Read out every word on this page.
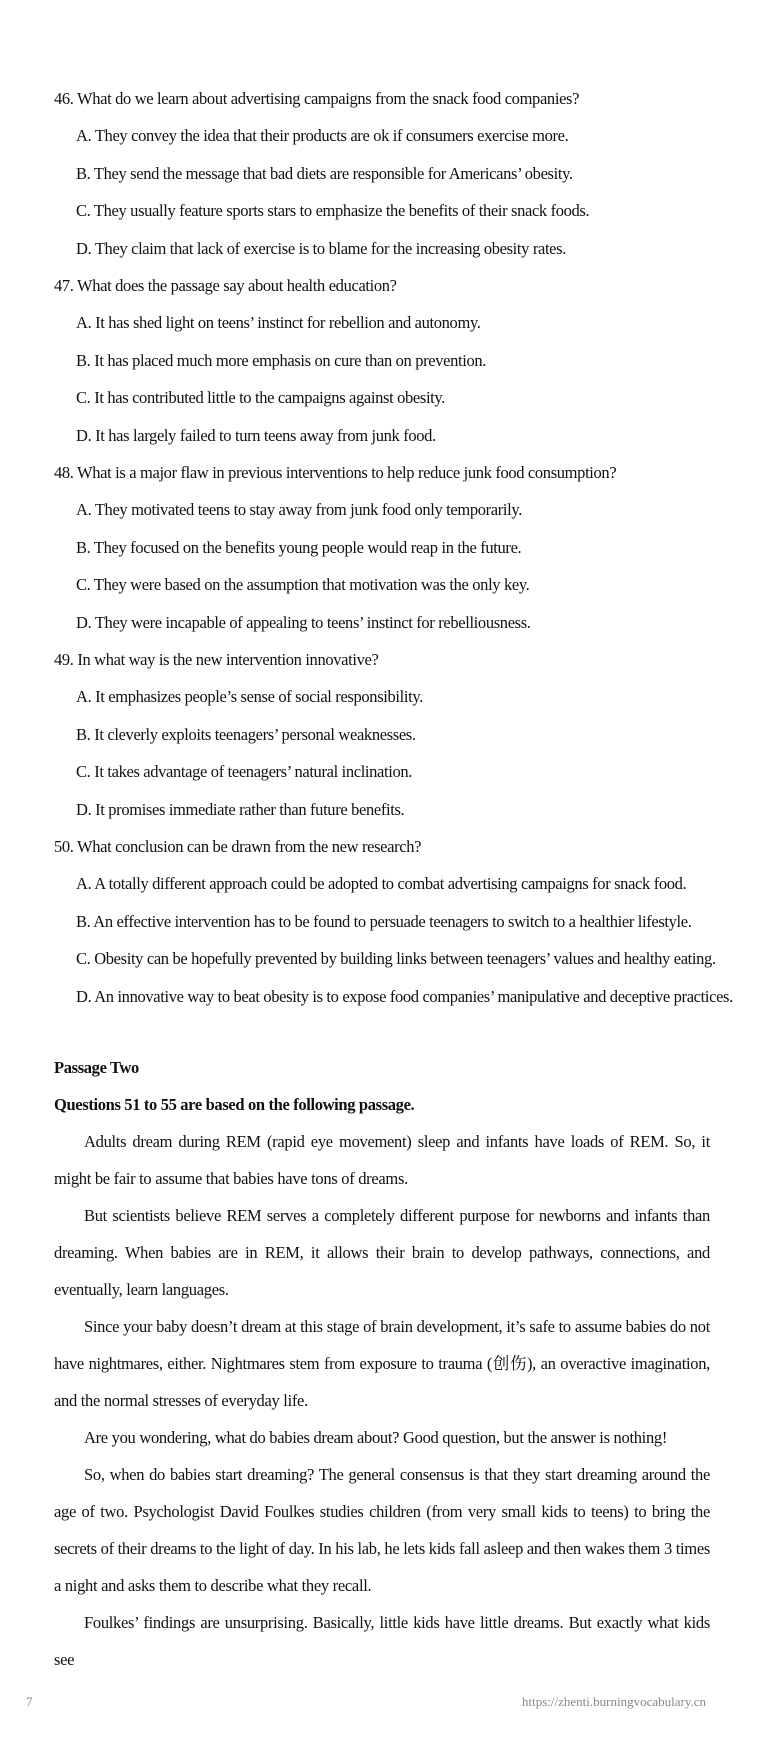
46. What do we learn about advertising campaigns from the snack food companies?
A. They convey the idea that their products are ok if consumers exercise more.
B. They send the message that bad diets are responsible for Americans’ obesity.
C. They usually feature sports stars to emphasize the benefits of their snack foods.
D. They claim that lack of exercise is to blame for the increasing obesity rates.
47. What does the passage say about health education?
A. It has shed light on teens’ instinct for rebellion and autonomy.
B. It has placed much more emphasis on cure than on prevention.
C. It has contributed little to the campaigns against obesity.
D. It has largely failed to turn teens away from junk food.
48. What is a major flaw in previous interventions to help reduce junk food consumption?
A. They motivated teens to stay away from junk food only temporarily.
B. They focused on the benefits young people would reap in the future.
C. They were based on the assumption that motivation was the only key.
D. They were incapable of appealing to teens’ instinct for rebelliousness.
49. In what way is the new intervention innovative?
A. It emphasizes people’s sense of social responsibility.
B. It cleverly exploits teenagers’ personal weaknesses.
C. It takes advantage of teenagers’ natural inclination.
D. It promises immediate rather than future benefits.
50. What conclusion can be drawn from the new research?
A. A totally different approach could be adopted to combat advertising campaigns for snack food.
B. An effective intervention has to be found to persuade teenagers to switch to a healthier lifestyle.
C. Obesity can be hopefully prevented by building links between teenagers’ values and healthy eating.
D. An innovative way to beat obesity is to expose food companies’ manipulative and deceptive practices.
Passage Two
Questions 51 to 55 are based on the following passage.

Adults dream during REM (rapid eye movement) sleep and infants have loads of REM. So, it might be fair to assume that babies have tons of dreams.

But scientists believe REM serves a completely different purpose for newborns and infants than dreaming. When babies are in REM, it allows their brain to develop pathways, connections, and eventually, learn languages.

Since your baby doesn’t dream at this stage of brain development, it’s safe to assume babies do not have nightmares, either. Nightmares stem from exposure to trauma (创伤), an overactive imagination, and the normal stresses of everyday life.

Are you wondering, what do babies dream about? Good question, but the answer is nothing!

So, when do babies start dreaming? The general consensus is that they start dreaming around the age of two. Psychologist David Foulkes studies children (from very small kids to teens) to bring the secrets of their dreams to the light of day. In his lab, he lets kids fall asleep and then wakes them 3 times a night and asks them to describe what they recall.

Foulkes’ findings are unsurprising. Basically, little kids have little dreams. But exactly what kids see

7	https://zhenti.burningvocabulary.cn
